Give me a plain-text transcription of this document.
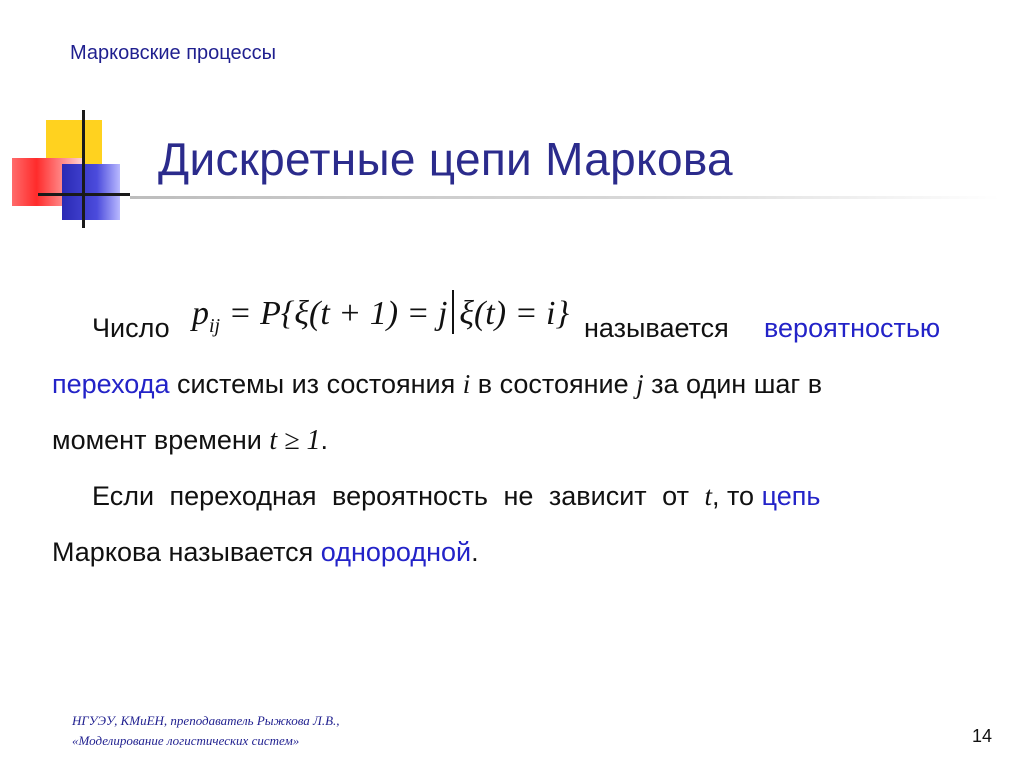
Марковские процессы
Дискретные цепи Маркова
Число $p_{ij} = P\{\xi(t + 1) = j$ ξ(t) = i} называется вероятностью
перехода системы из состояния i в состояние j за один шаг в
момент времени t ≥ 1.
Если переходная вероятность не зависит от t, то цепь
Маркова называется однородной.
НГУЭУ, КМиЕН, преподаватель Рыжкова Л.В.,
«Моделирование логистических систем»	14
